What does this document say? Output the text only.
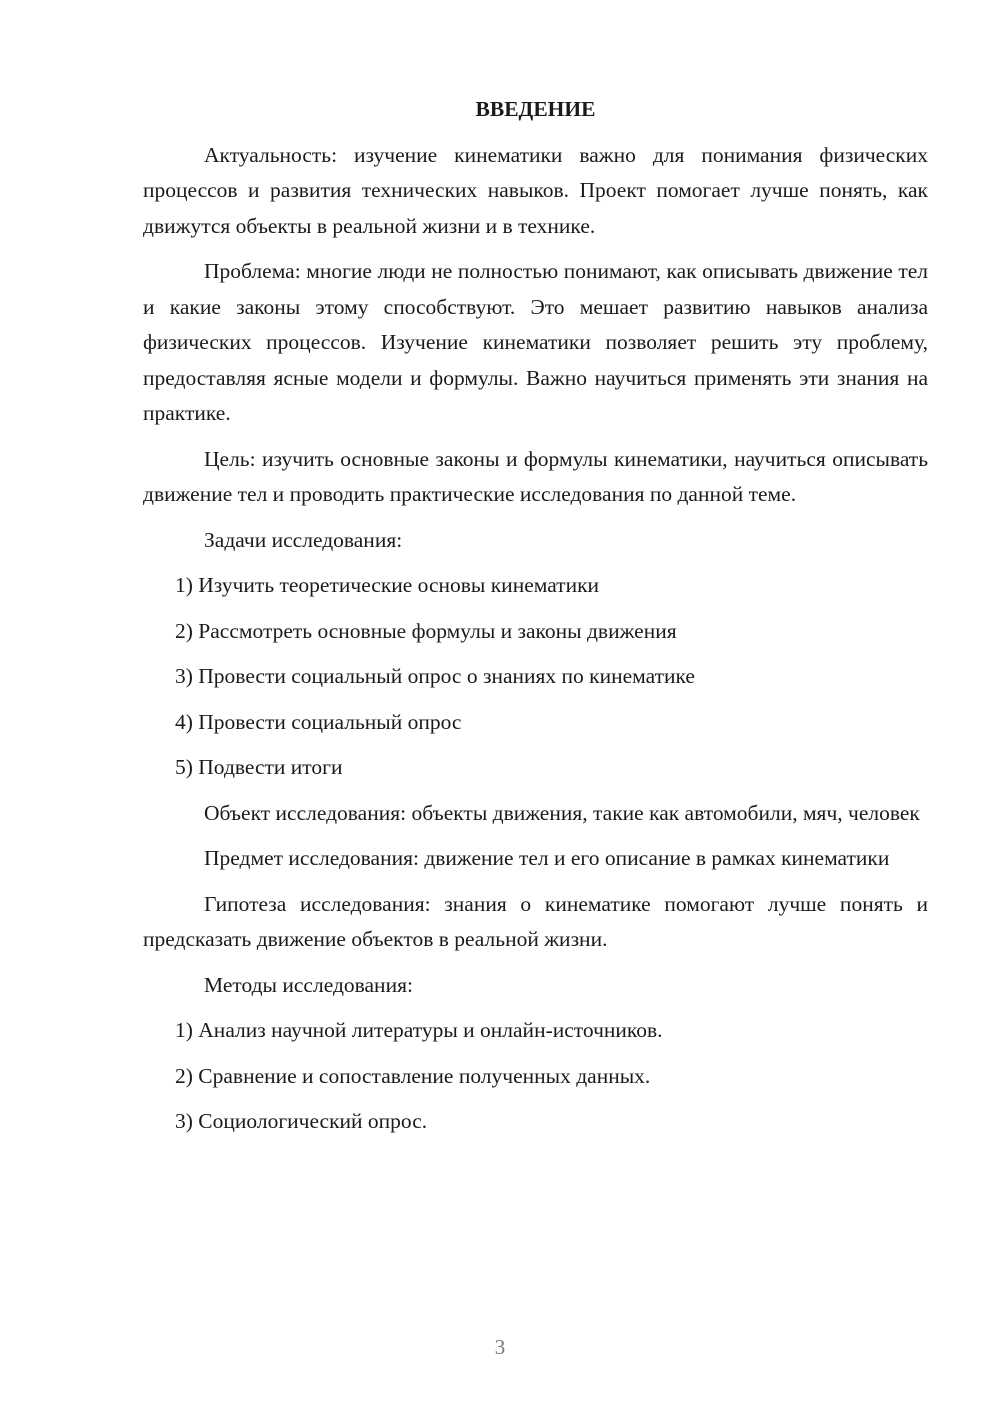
ВВЕДЕНИЕ

Актуальность: изучение кинематики важно для понимания физических процессов и развития технических навыков. Проект помогает лучше понять, как движутся объекты в реальной жизни и в технике.

Проблема: многие люди не полностью понимают, как описывать движение тел и какие законы этому способствуют. Это мешает развитию навыков анализа физических процессов. Изучение кинематики позволяет решить эту проблему, предоставляя ясные модели и формулы. Важно научиться применять эти знания на практике.

Цель: изучить основные законы и формулы кинематики, научиться описывать движение тел и проводить практические исследования по данной теме.

Задачи исследования:

1) Изучить теоретические основы кинематики
2) Рассмотреть основные формулы и законы движения
3) Провести социальный опрос о знаниях по кинематике
4) Провести социальный опрос
5) Подвести итоги

Объект исследования: объекты движения, такие как автомобили, мяч, человек

Предмет исследования: движение тел и его описание в рамках кинематики

Гипотеза исследования: знания о кинематике помогают лучше понять и предсказать движение объектов в реальной жизни.

Методы исследования:

1) Анализ научной литературы и онлайн-источников.
2) Сравнение и сопоставление полученных данных.
3) Социологический опрос.
3
